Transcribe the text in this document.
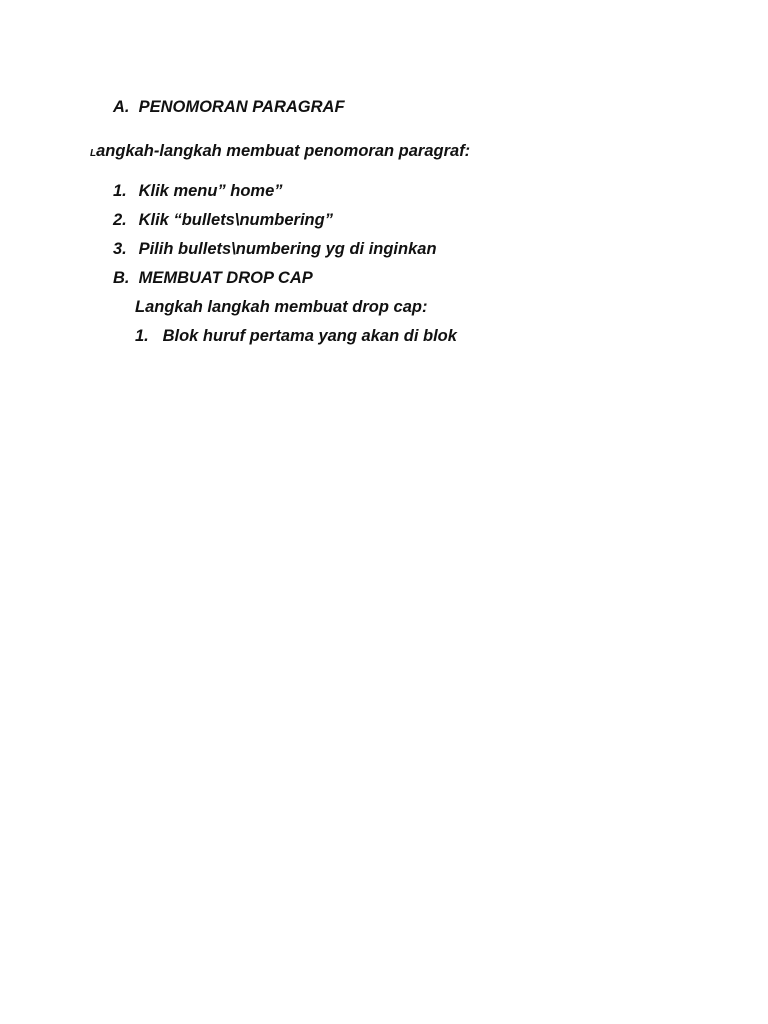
A. PENOMORAN PARAGRAF
Langkah-langkah membuat penomoran paragraf:
1. Klik menu” home”
2. Klik “bullets\numbering”
3. Pilih bullets\numbering yg di inginkan
B. MEMBUAT DROP CAP
Langkah langkah membuat drop cap:
1. Blok huruf pertama yang akan di blok
